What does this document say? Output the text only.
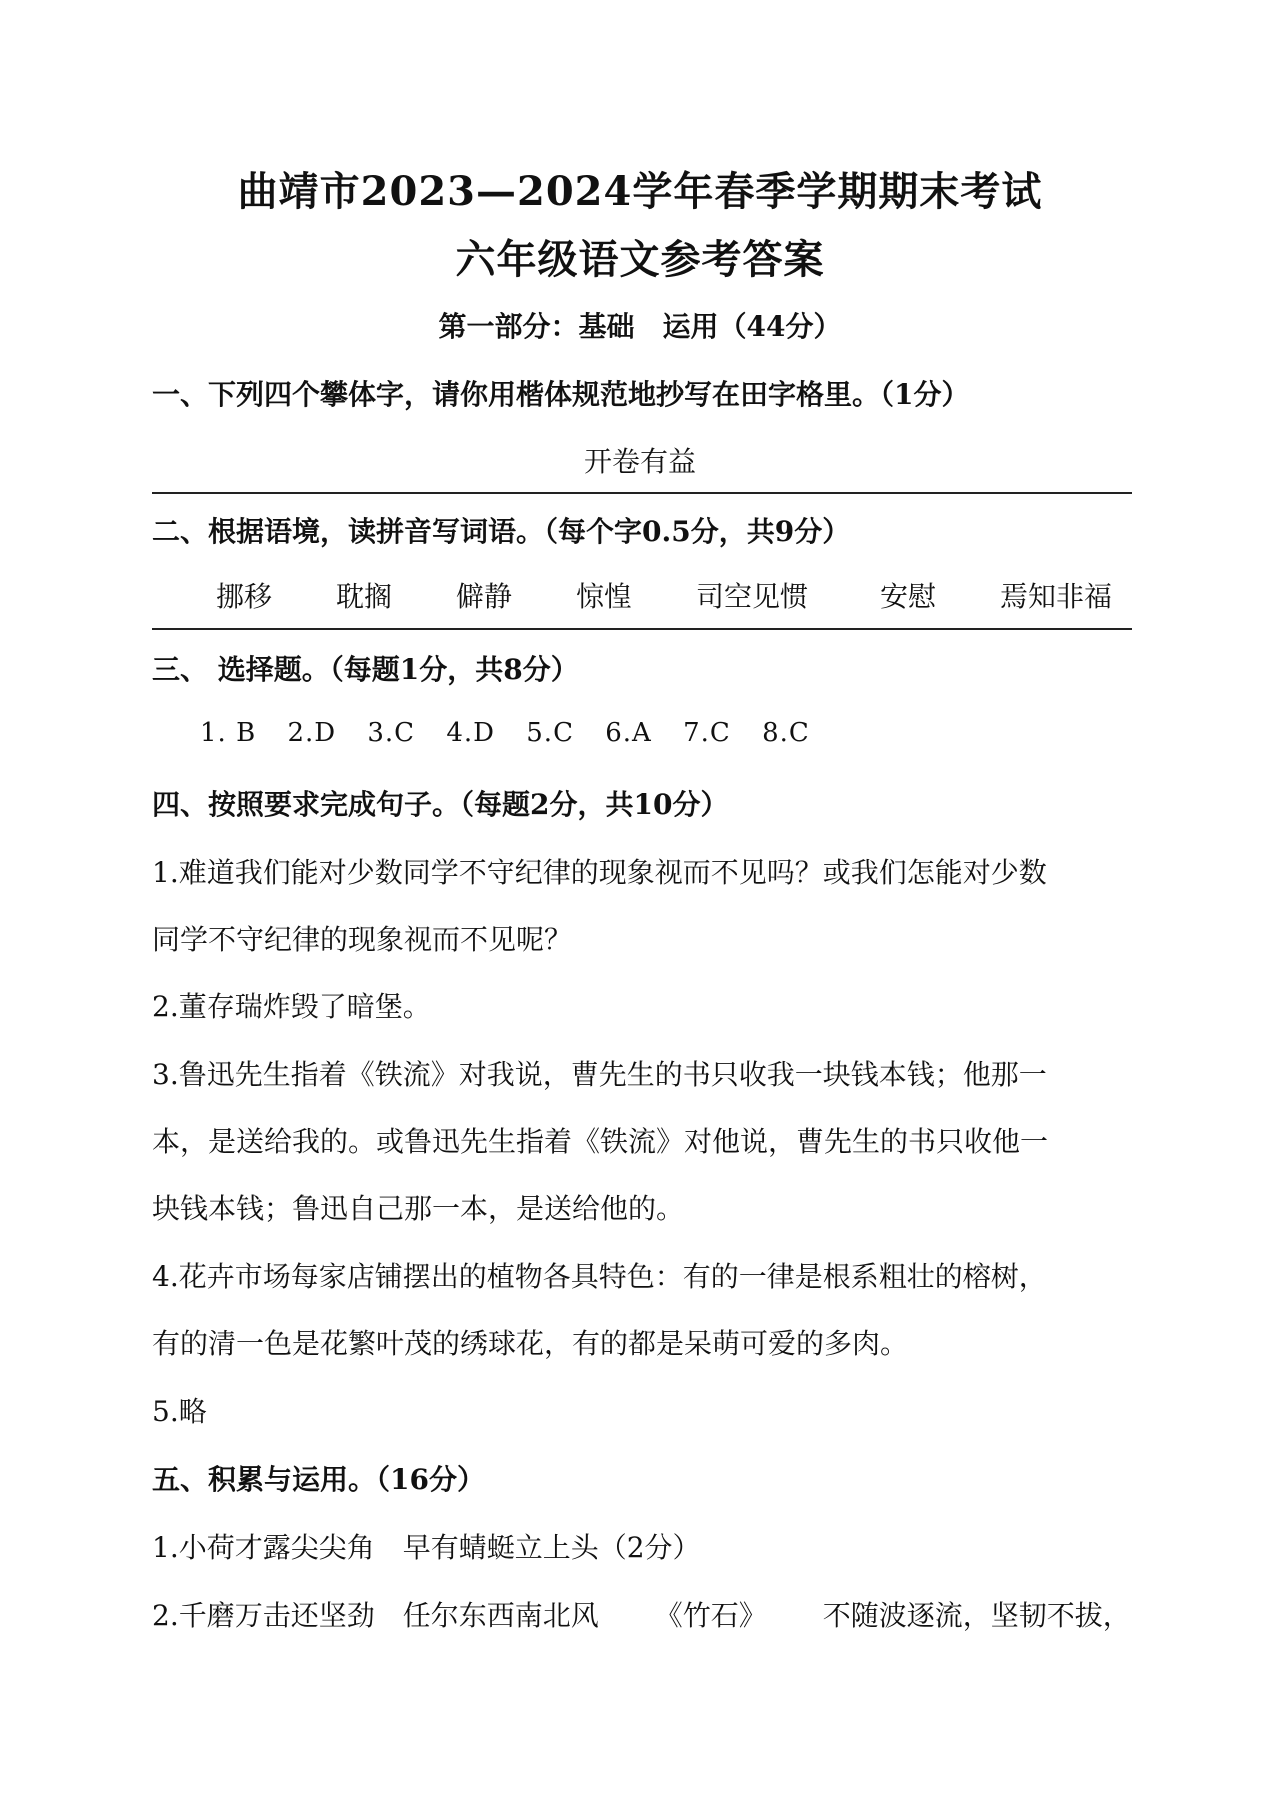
曲靖市2023—2024学年春季学期期末考试
六年级语文参考答案
第一部分：基础 运用（44分）
一、下列四个攀体字，请你用楷体规范地抄写在田字格里。（1分）
开卷有益
二、根据语境，读拼音写词语。（每个字0.5分，共9分）
挪移 耽搁 僻静 惊惶 司空见惯	安慰 焉知非福
三、 选择题。（每题1分，共8分）
1. B 2.D 3.C 4.D 5.C 6.A 7.C 8.C
四、按照要求完成句子。（每题2分，共10分）
1.难道我们能对少数同学不守纪律的现象视而不见吗？或我们怎能对少数
同学不守纪律的现象视而不见呢？
2.董存瑞炸毁了暗堡。
3.鲁迅先生指着《铁流》对我说，曹先生的书只收我一块钱本钱；他那一
本，是送给我的。或鲁迅先生指着《铁流》对他说，曹先生的书只收他一
块钱本钱；鲁迅自己那一本，是送给他的。
4.花卉市场每家店铺摆出的植物各具特色：有的一律是根系粗壮的榕树，
有的清一色是花繁叶茂的绣球花，有的都是呆萌可爱的多肉。
5.略
五、积累与运用。（16分）
1.小荷才露尖尖角 早有蜻蜓立上头（2分）
2.千磨万击还坚劲 任尔东西南北风 《竹石》 不随波逐流，坚韧不拔，
